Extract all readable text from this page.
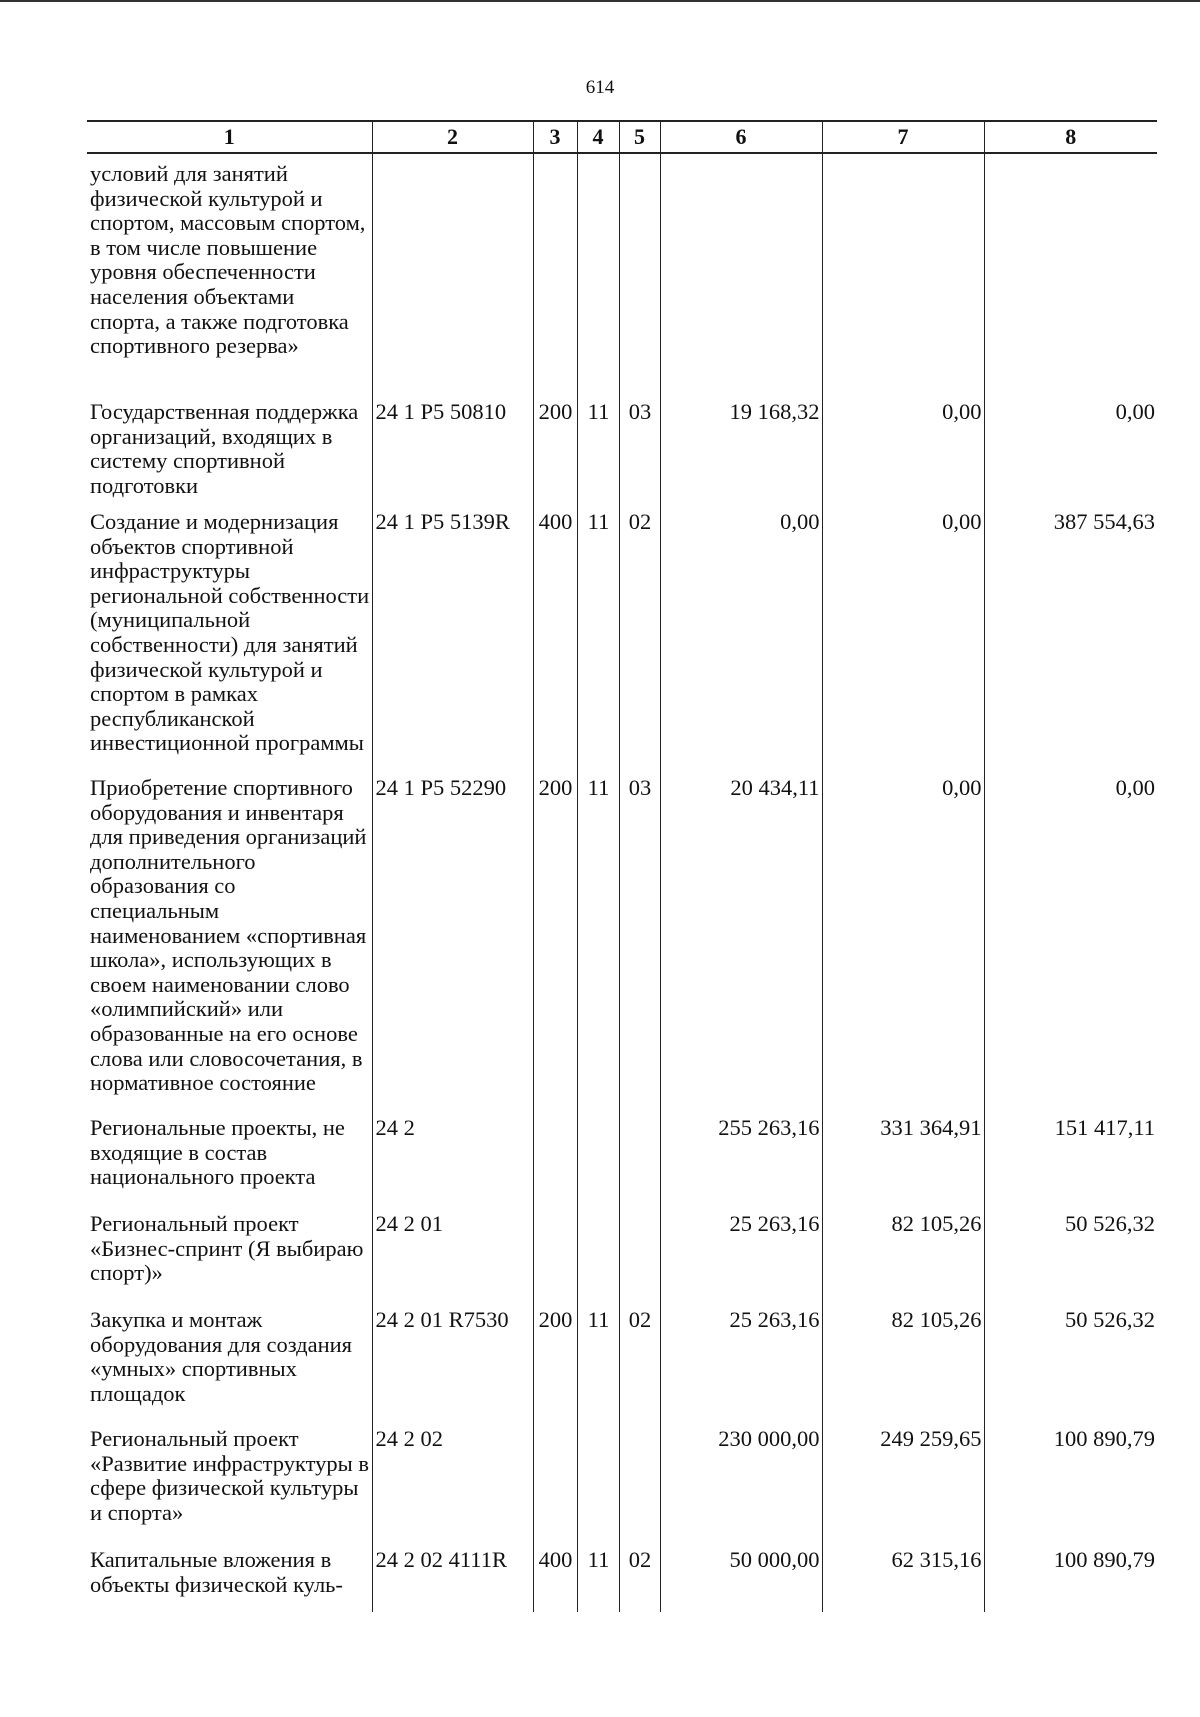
614
1	2	3	4	5	6	7	8
условий для занятий физической культурой и спортом, массовым спортом, в том числе повышение уровня обеспеченности населения объектами спорта, а также подготовка спортивного резерва»							
Государственная поддержка организаций, входящих в систему спортивной подготовки	24 1 P5 50810	200	11	03	19 168,32	0,00	0,00
Создание и модернизация объектов спортивной инфраструктуры региональной собственности (муниципальной собственности) для занятий физической культурой и спортом в рамках республиканской инвестиционной программы	24 1 P5 5139R	400	11	02	0,00	0,00	387 554,63
Приобретение спортивного оборудования и инвентаря для приведения организаций дополнительного образования со специальным наименованием «спортивная школа», использующих в своем наименовании слово «олимпийский» или образованные на его основе слова или словосочетания, в нормативное состояние	24 1 P5 52290	200	11	03	20 434,11	0,00	0,00
Региональные проекты, не входящие в состав национального проекта	24 2				255 263,16	331 364,91	151 417,11
Региональный проект «Бизнес-спринт (Я выбираю спорт)»	24 2 01				25 263,16	82 105,26	50 526,32
Закупка и монтаж оборудования для создания «умных» спортивных площадок	24 2 01 R7530	200	11	02	25 263,16	82 105,26	50 526,32
Региональный проект «Развитие инфраструктуры в сфере физической культуры и спорта»	24 2 02				230 000,00	249 259,65	100 890,79
Капитальные вложения в объекты физической куль-	24 2 02 4111R	400	11	02	50 000,00	62 315,16	100 890,79
